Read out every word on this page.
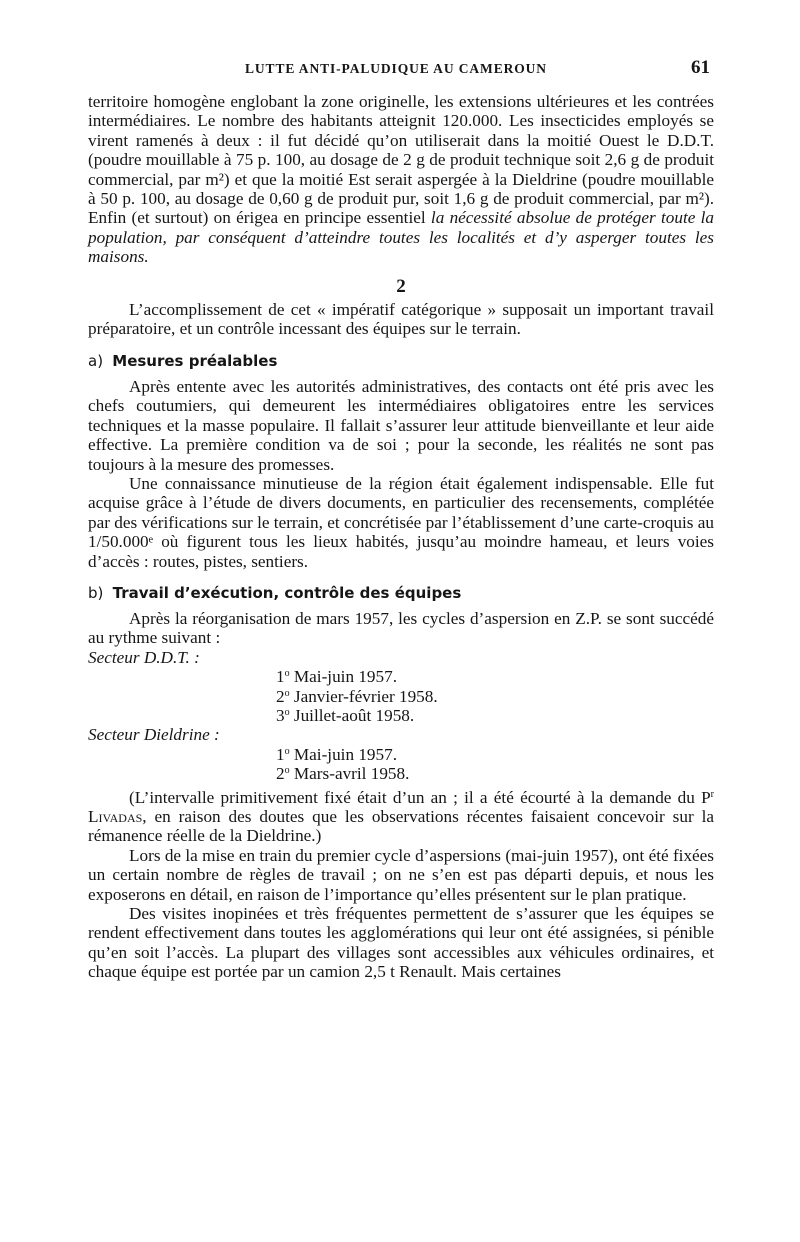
LUTTE ANTI-PALUDIQUE AU CAMEROUN	61

territoire homogène englobant la zone originelle, les extensions ultérieures et les contrées intermédiaires. Le nombre des habitants atteignit 120.000. Les insecticides employés se virent ramenés à deux : il fut décidé qu’on utiliserait dans la moitié Ouest le D.D.T. (poudre mouillable à 75 p. 100, au dosage de 2 g de produit technique soit 2,6 g de produit commercial, par m²) et que la moitié Est serait aspergée à la Dieldrine (poudre mouillable à 50 p. 100, au dosage de 0,60 g de produit pur, soit 1,6 g de produit commercial, par m²). Enfin (et surtout) on érigea en principe essentiel la nécessité absolue de protéger toute la population, par conséquent d’atteindre toutes les localités et d’y asperger toutes les maisons.

2

L’accomplissement de cet « impératif catégorique » supposait un important travail préparatoire, et un contrôle incessant des équipes sur le terrain.

a) Mesures préalables

Après entente avec les autorités administratives, des contacts ont été pris avec les chefs coutumiers, qui demeurent les intermédiaires obligatoires entre les services techniques et la masse populaire. Il fallait s’assurer leur attitude bienveillante et leur aide effective. La première condition va de soi ; pour la seconde, les réalités ne sont pas toujours à la mesure des promesses.

Une connaissance minutieuse de la région était également indispensable. Elle fut acquise grâce à l’étude de divers documents, en particulier des recensements, complétée par des vérifications sur le terrain, et concrétisée par l’établissement d’une carte-croquis au 1/50.000ᵉ où figurent tous les lieux habités, jusqu’au moindre hameau, et leurs voies d’accès : routes, pistes, sentiers.

b) Travail d’exécution, contrôle des équipes

Après la réorganisation de mars 1957, les cycles d’aspersion en Z.P. se sont succédé au rythme suivant :

Secteur D.D.T. :
1$^o$ Mai-juin 1957.
2$^o$ Janvier-février 1958.
3$^o$ Juillet-août 1958.
Secteur Dieldrine :
1$^o$ Mai-juin 1957.
2$^o$ Mars-avril 1958.

(L’intervalle primitivement fixé était d’un an ; il a été écourté à la demande du $P^r$ Livadas, en raison des doutes que les observations récentes faisaient concevoir sur la rémanence réelle de la Dieldrine.)

Lors de la mise en train du premier cycle d’aspersions (mai-juin 1957), ont été fixées un certain nombre de règles de travail ; on ne s’en est pas départi depuis, et nous les exposerons en détail, en raison de l’importance qu’elles présentent sur le plan pratique.

Des visites inopinées et très fréquentes permettent de s’assurer que les équipes se rendent effectivement dans toutes les agglomérations qui leur ont été assignées, si pénible qu’en soit l’accès. La plupart des villages sont accessibles aux véhicules ordinaires, et chaque équipe est portée par un camion 2,5 t Renault. Mais certaines
